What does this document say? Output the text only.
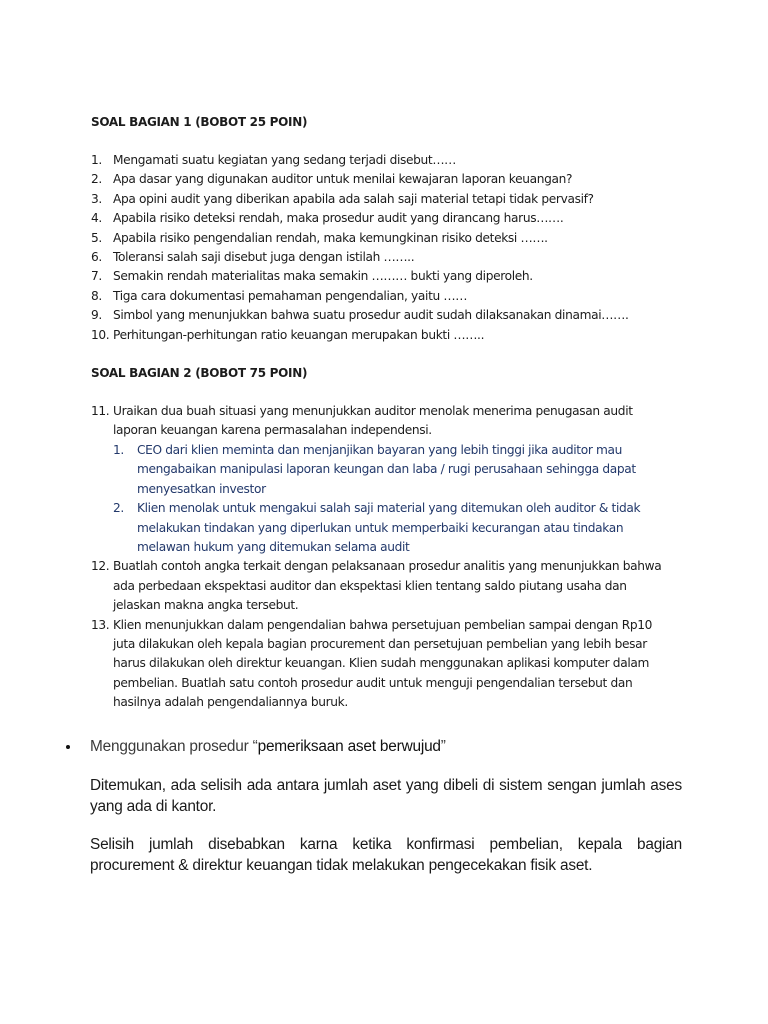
SOAL BAGIAN 1 (BOBOT 25 POIN)
1. Mengamati suatu kegiatan yang sedang terjadi disebut……
2. Apa dasar yang digunakan auditor untuk menilai kewajaran laporan keuangan?
3. Apa opini audit yang diberikan apabila ada salah saji material tetapi tidak pervasif?
4. Apabila risiko deteksi rendah, maka prosedur audit yang dirancang harus…….
5. Apabila risiko pengendalian rendah, maka kemungkinan risiko deteksi …….
6. Toleransi salah saji disebut juga dengan istilah ……..
7. Semakin rendah materialitas maka semakin ……… bukti yang diperoleh.
8. Tiga cara dokumentasi pemahaman pengendalian, yaitu ……
9. Simbol yang menunjukkan bahwa suatu prosedur audit sudah dilaksanakan dinamai…….
10. Perhitungan-perhitungan ratio keuangan merupakan bukti ……..
SOAL BAGIAN 2 (BOBOT 75 POIN)
11. Uraikan dua buah situasi yang menunjukkan auditor menolak menerima penugasan audit laporan keuangan karena permasalahan independensi.
1. CEO dari klien meminta dan menjanjikan bayaran yang lebih tinggi jika auditor mau mengabaikan manipulasi laporan keungan dan laba / rugi perusahaan sehingga dapat menyesatkan investor
2. Klien menolak untuk mengakui salah saji material yang ditemukan oleh auditor & tidak melakukan tindakan yang diperlukan untuk memperbaiki kecurangan atau tindakan melawan hukum yang ditemukan selama audit
12. Buatlah contoh angka terkait dengan pelaksanaan prosedur analitis yang menunjukkan bahwa ada perbedaan ekspektasi auditor dan ekspektasi klien tentang saldo piutang usaha dan jelaskan makna angka tersebut.
13. Klien menunjukkan dalam pengendalian bahwa persetujuan pembelian sampai dengan Rp10 juta dilakukan oleh kepala bagian procurement dan persetujuan pembelian yang lebih besar harus dilakukan oleh direktur keuangan. Klien sudah menggunakan aplikasi komputer dalam pembelian. Buatlah satu contoh prosedur audit untuk menguji pengendalian tersebut dan hasilnya adalah pengendaliannya buruk.
Menggunakan prosedur “pemeriksaan aset berwujud”

Ditemukan, ada selisih ada antara jumlah aset yang dibeli di sistem sengan jumlah ases yang ada di kantor.

Selisih jumlah disebabkan karna ketika konfirmasi pembelian, kepala bagian procurement & direktur keuangan tidak melakukan pengecekakan fisik aset.
